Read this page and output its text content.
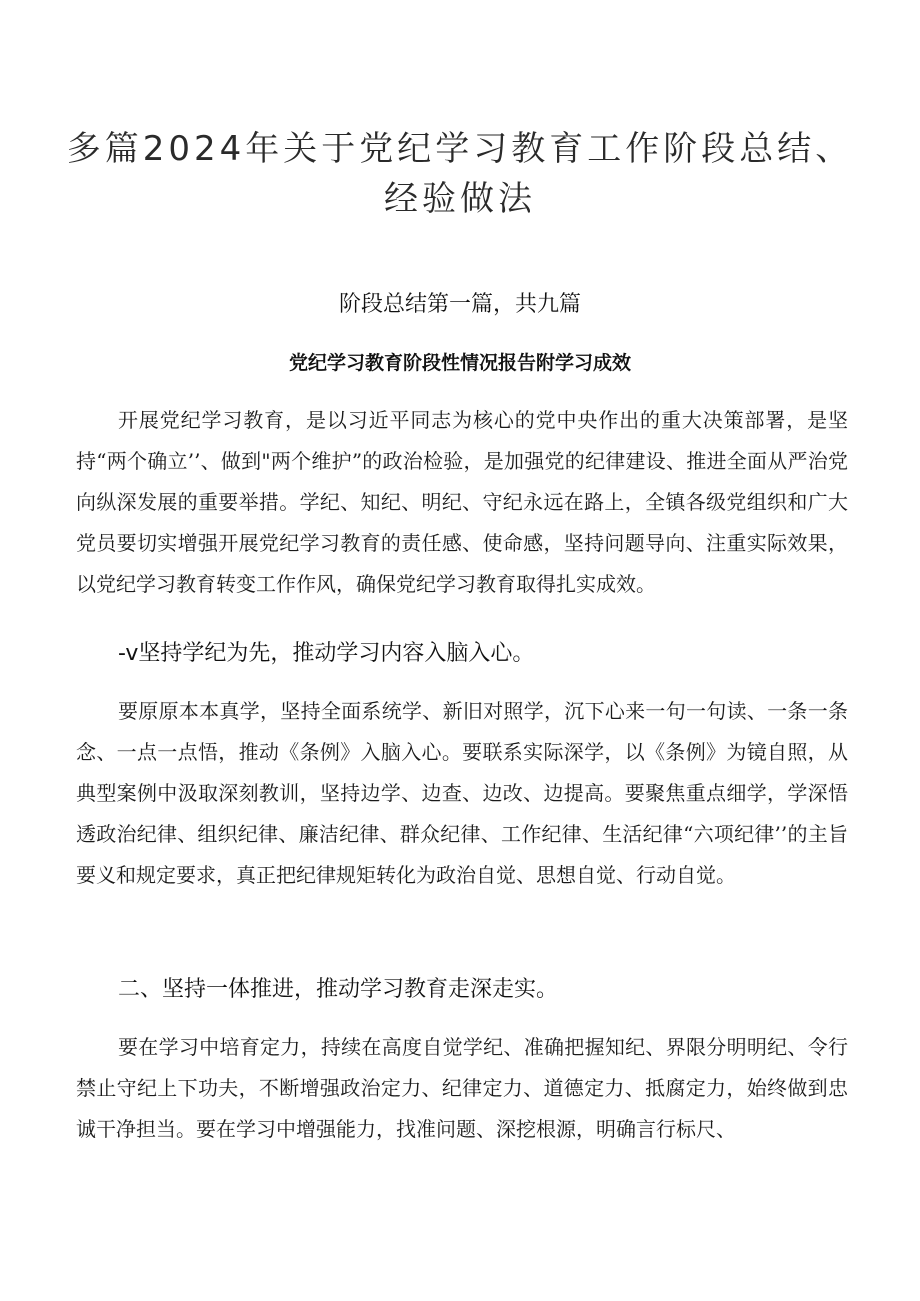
多篇2024年关于党纪学习教育工作阶段总结、经验做法
阶段总结第一篇，共九篇
党纪学习教育阶段性情况报告附学习成效

开展党纪学习教育，是以习近平同志为核心的党中央作出的重大决策部署，是坚持“两个确立’’、做到"两个维护”的政治检验，是加强党的纪律建设、推进全面从严治党向纵深发展的重要举措。学纪、知纪、明纪、守纪永远在路上，全镇各级党组织和广大党员要切实增强开展党纪学习教育的责任感、使命感，坚持问题导向、注重实际效果，以党纪学习教育转变工作作风，确保党纪学习教育取得扎实成效。

-v坚持学纪为先，推动学习内容入脑入心。

要原原本本真学，坚持全面系统学、新旧对照学，沉下心来一句一句读、一条一条念、一点一点悟，推动《条例》入脑入心。要联系实际深学，以《条例》为镜自照，从典型案例中汲取深刻教训，坚持边学、边查、边改、边提高。要聚焦重点细学，学深悟透政治纪律、组织纪律、廉洁纪律、群众纪律、工作纪律、生活纪律“六项纪律’’的主旨要义和规定要求，真正把纪律规矩转化为政治自觉、思想自觉、行动自觉。

二、坚持一体推进，推动学习教育走深走实。

要在学习中培育定力，持续在高度自觉学纪、准确把握知纪、界限分明明纪、令行禁止守纪上下功夫，不断增强政治定力、纪律定力、道德定力、抵腐定力，始终做到忠诚干净担当。要在学习中增强能力，找准问题、深挖根源，明确言行标尺、
